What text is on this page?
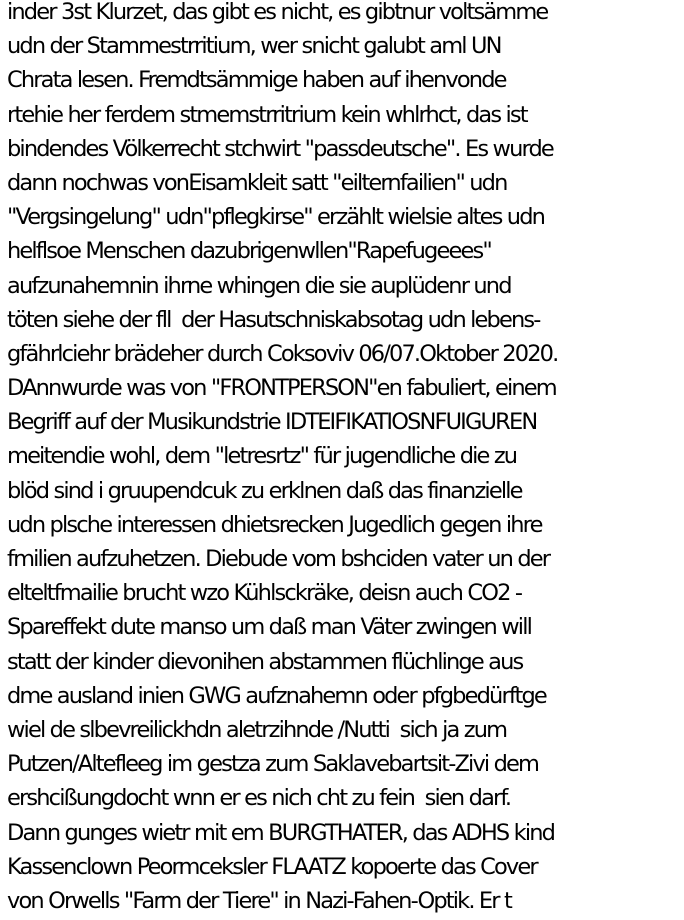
inder 3st Klurzet, das gibt es nicht, es gibtnur voltsämme
udn der Stammestrritium, wer snicht galubt aml UN
Chrata lesen. Fremdtsämmige haben auf ihenvonde
rtehie her ferdem stmemstrritrium kein whlrhct, das ist
bindendes Völkerrecht stchwirt "passdeutsche". Es wurde
dann nochwas vonEisamkleit satt "eilternfailien" udn
"Vergsingelung" udn"pflegkirse" erzählt wielsie altes udn
helflsoe Menschen dazubrigenwllen"Rapefugeees"
aufzunahemnin ihrne whingen die sie auplüdenr und
töten siehe der fll  der Hasutschniskabsotag udn lebens-
gfährlciehr brädeher durch Coksoviv 06/07.Oktober 2020.
DAnnwurde was von "FRONTPERSON"en fabuliert, einem
Begriff auf der Musikundstrie IDTEIFIKATIOSNFUIGUREN
meitendie wohl, dem "letresrtz" für jugendliche die zu
blöd sind i gruupendcuk zu erklnen daß das finanzielle
udn plsche interessen dhietsrecken Jugedlich gegen ihre
fmilien aufzuhetzen. Diebude vom bshciden vater un der
elteltfmailie brucht wzo Kühlsckräke, deisn auch CO2 -
Spareffekt dute manso um daß man Väter zwingen will
statt der kinder dievonihen abstammen flüchlinge aus
dme ausland inien GWG aufznahemn oder pfgbedürftge
wiel de slbevreilickhdn aletrzihnde /Nutti  sich ja zum
Putzen/Altefleeg im gestza zum Saklavebartsit-Zivi dem
ershcißungdocht wnn er es nich cht zu fein  sien darf.
Dann gunges wietr mit em BURGTHATER, das ADHS kind
Kassenclown Peormceksler FLAATZ kopoerte das Cover
von Orwells "Farm der Tiere" in Nazi-Fahen-Optik. Er t
